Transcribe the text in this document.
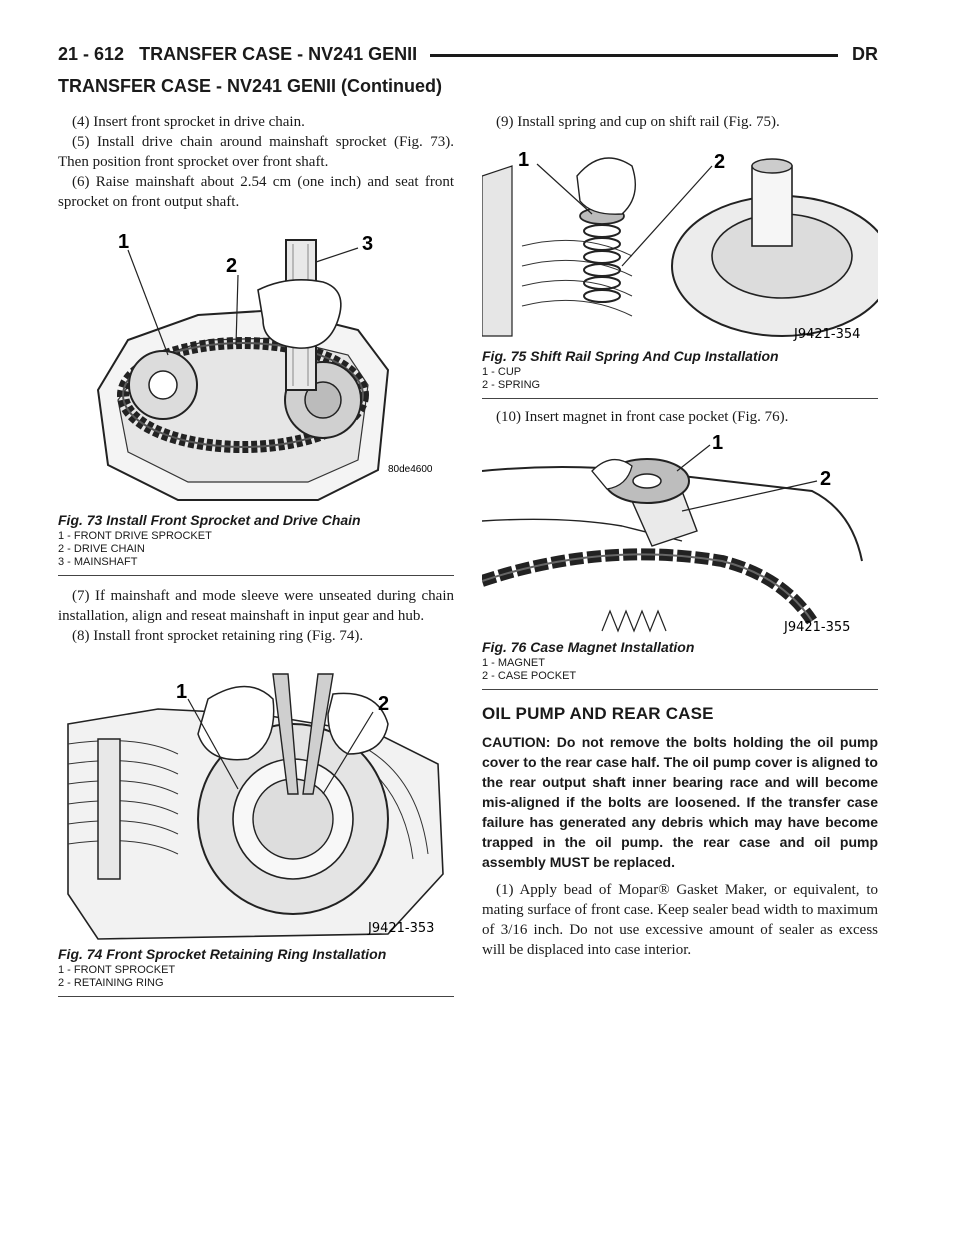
21 - 612 TRANSFER CASE - NV241 GENII	DR
TRANSFER CASE - NV241 GENII (Continued)

(4) Insert front sprocket in drive chain.

(5) Install drive chain around mainshaft sprocket (Fig. 73). Then position front sprocket over front shaft.

(6) Raise mainshaft about 2.54 cm (one inch) and seat front sprocket on front output shaft.

1
2
3
80de4600
Fig. 73 Install Front Sprocket and Drive Chain
1 - FRONT DRIVE SPROCKET
2 - DRIVE CHAIN
3 - MAINSHAFT

(7) If mainshaft and mode sleeve were unseated during chain installation, align and reseat mainshaft in input gear and hub.

(8) Install front sprocket retaining ring (Fig. 74).

1
2
J9421-353
Fig. 74 Front Sprocket Retaining Ring Installation
1 - FRONT SPROCKET
2 - RETAINING RING

(9) Install spring and cup on shift rail (Fig. 75).

1	2
J9421-354
Fig. 75 Shift Rail Spring And Cup Installation
1 - CUP
2 - SPRING

(10) Insert magnet in front case pocket (Fig. 76).

1
2
J9421-355
Fig. 76 Case Magnet Installation
1 - MAGNET
2 - CASE POCKET
OIL PUMP AND REAR CASE

CAUTION: Do not remove the bolts holding the oil pump cover to the rear case half. The oil pump cover is aligned to the rear output shaft inner bearing race and will become mis-aligned if the bolts are loosened. If the transfer case failure has generated any debris which may have become trapped in the oil pump. the rear case and oil pump assembly MUST be replaced.

(1) Apply bead of Mopar® Gasket Maker, or equivalent, to mating surface of front case. Keep sealer bead width to maximum of 3/16 inch. Do not use excessive amount of sealer as excess will be displaced into case interior.
